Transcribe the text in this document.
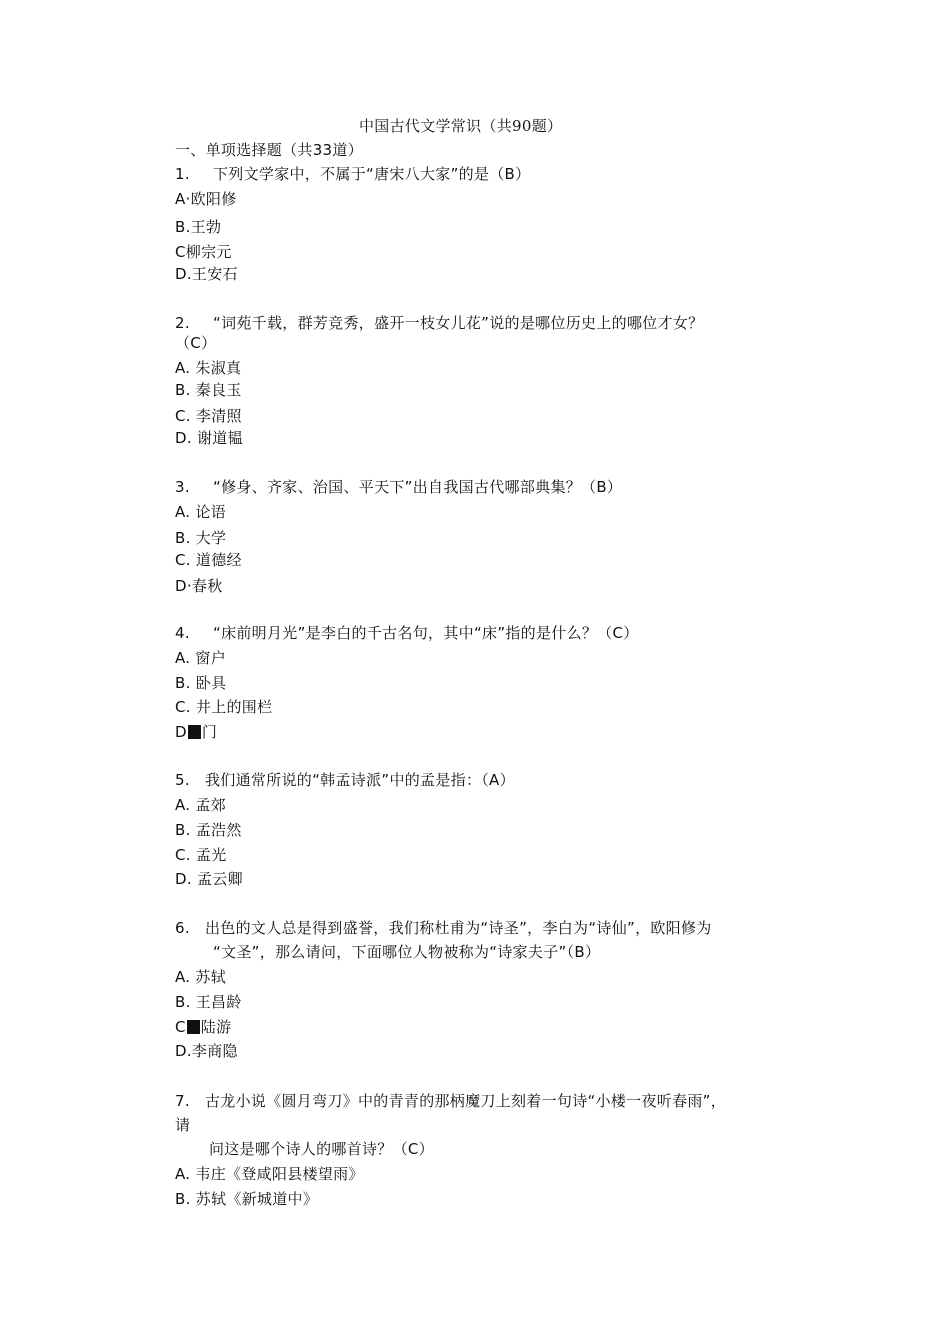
中国古代文学常识（共90题）
一、单项选择题（共33道）
1. 下列文学家中，不属于“唐宋八大家”的是（B）
A·欧阳修
B.王勃
C柳宗元
D.王安石
2. “词苑千载，群芳竞秀，盛开一枝女儿花”说的是哪位历史上的哪位才女？
（C）
A. 朱淑真
B. 秦良玉
C. 李清照
D. 谢道韫
3. “修身、齐家、治国、平天下”出自我国古代哪部典集？（B）
A. 论语
B. 大学
C. 道德经
D·春秋
4. “床前明月光”是李白的千古名句，其中“床”指的是什么？（C）
A. 窗户
B. 卧具
C. 井上的围栏
D 门
5. 我们通常所说的“韩孟诗派”中的孟是指：（A）
A. 孟郊
B. 孟浩然
C. 孟光
D. 孟云卿
6. 出色的文人总是得到盛誉，我们称杜甫为“诗圣”，李白为“诗仙”，欧阳修为
“文圣”，那么请问，下面哪位人物被称为“诗家夫子”（B）
A. 苏轼
B. 王昌龄
C 陆游
D.李商隐
7. 古龙小说《圆月弯刀》中的青青的那柄魔刀上刻着一句诗“小楼一夜听春雨”，
请
问这是哪个诗人的哪首诗？（C）
A. 韦庄《登咸阳县楼望雨》
B. 苏轼《新城道中》
